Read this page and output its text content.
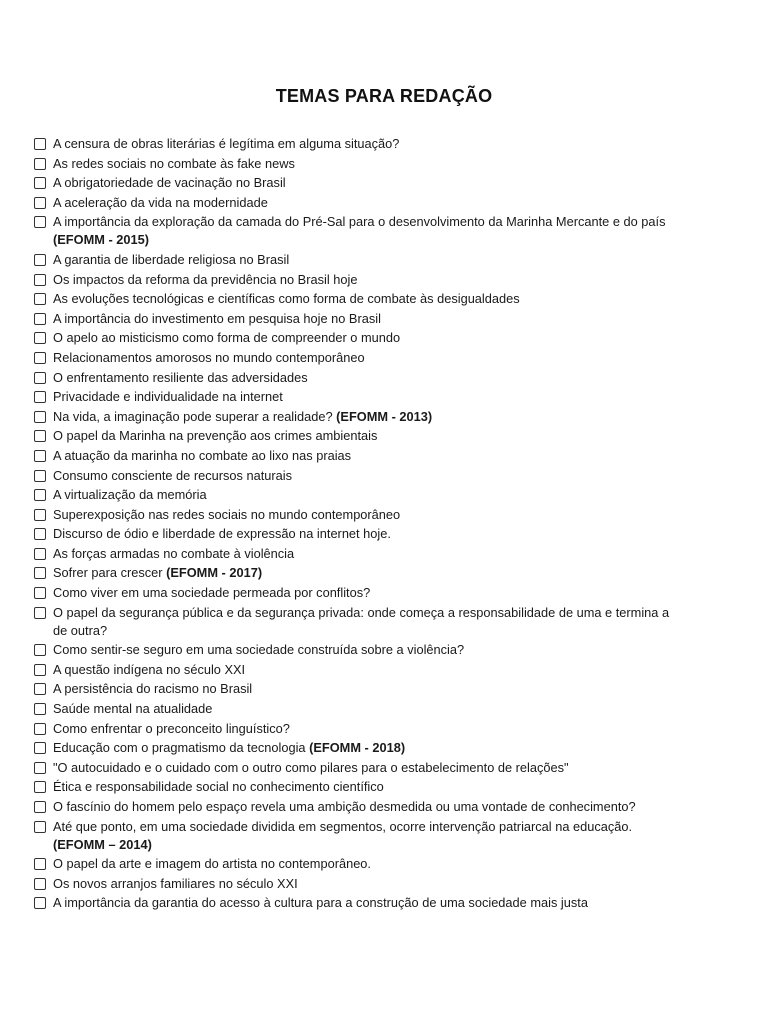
TEMAS PARA REDAÇÃO
A censura de obras literárias é legítima em alguma situação?
As redes sociais no combate às fake news
A obrigatoriedade de vacinação no Brasil
A aceleração da vida na modernidade
A importância da exploração da camada do Pré-Sal para o desenvolvimento da Marinha Mercante e do país (EFOMM - 2015)
A garantia de liberdade religiosa no Brasil
Os impactos da reforma da previdência no Brasil hoje
As evoluções tecnológicas e científicas como forma de combate às desigualdades
A importância do investimento em pesquisa hoje no Brasil
O apelo ao misticismo como forma de compreender o mundo
Relacionamentos amorosos no mundo contemporâneo
O enfrentamento resiliente das adversidades
Privacidade e individualidade na internet
Na vida, a imaginação pode superar a realidade? (EFOMM - 2013)
O papel da Marinha na prevenção aos crimes ambientais
A atuação da marinha no combate ao lixo nas praias
Consumo consciente de recursos naturais
A virtualização da memória
Superexposição nas redes sociais no mundo contemporâneo
Discurso de ódio e liberdade de expressão na internet hoje.
As forças armadas no combate à violência
Sofrer para crescer (EFOMM - 2017)
Como viver em uma sociedade permeada por conflitos?
O papel da segurança pública e da segurança privada: onde começa a responsabilidade de uma e termina a de outra?
Como sentir-se seguro em uma sociedade construída sobre a violência?
A questão indígena no século XXI
A persistência do racismo no Brasil
Saúde mental na atualidade
Como enfrentar o preconceito linguístico?
Educação com o pragmatismo da tecnologia (EFOMM - 2018)
"O autocuidado e o cuidado com o outro como pilares para o estabelecimento de relações"
Ética e responsabilidade social no conhecimento científico
O fascínio do homem pelo espaço revela uma ambição desmedida ou uma vontade de conhecimento?
Até que ponto, em uma sociedade dividida em segmentos, ocorre intervenção patriarcal na educação. (EFOMM – 2014)
O papel da arte e imagem do artista no contemporâneo.
Os novos arranjos familiares no século XXI
A importância da garantia do acesso à cultura para a construção de uma sociedade mais justa
